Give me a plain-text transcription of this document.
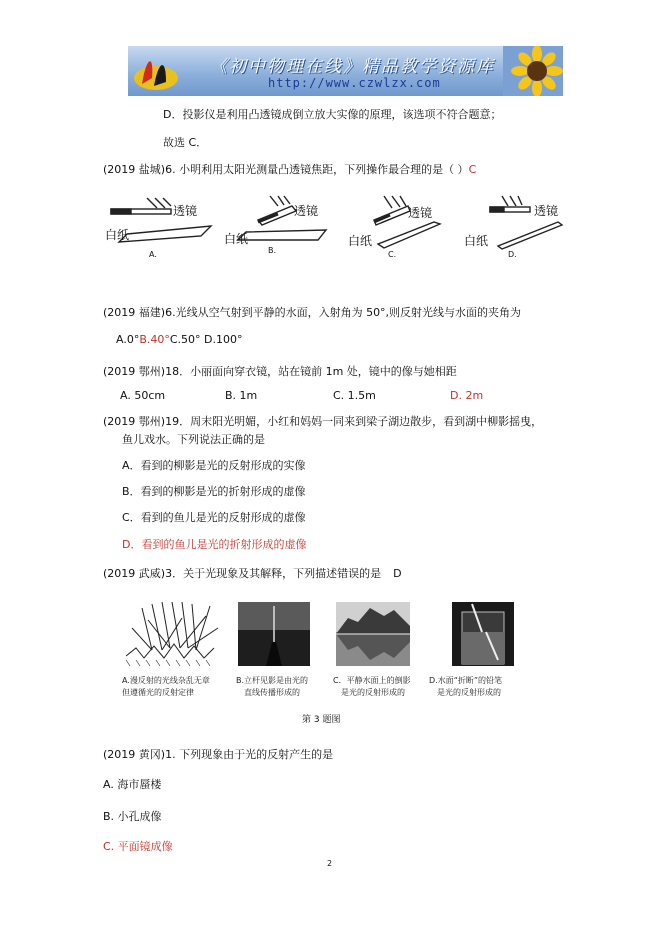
《初中物理在线》精品教学资源库
http://www.czwlzx.com
D．投影仪是利用凸透镜成倒立放大实像的原理，该选项不符合题意；
故选 C．
(2019 盐城)6. 小明利用太阳光测量凸透镜焦距，下列操作最合理的是（ ）C
透镜
白纸
A.
透镜
白纸
B.
透镜
白纸
C.
透镜
白纸
D.
(2019 福建)6.光线从空气射到平静的水面，入射角为 50°,则反射光线与水面的夹角为
A.0°B.40°C.50° D.100°
(2019 鄂州)18．小丽面向穿衣镜，站在镜前 1m 处，镜中的像与她相距
A. 50cm	B. 1m	C. 1.5m	D. 2m
(2019 鄂州)19．周末阳光明媚，小红和妈妈一同来到梁子湖边散步，看到湖中柳影摇曳，
鱼儿戏水。下列说法正确的是
A．看到的柳影是光的反射形成的实像
B．看到的柳影是光的折射形成的虚像
C．看到的鱼儿是光的反射形成的虚像
D．看到的鱼儿是光的折射形成的虚像
(2019 武威)3．关于光现象及其解释，下列描述错误的是 D
A.漫反射的光线杂乱无章
但遵循光的反射定律
B.立杆见影是由光的
直线传播形成的
C．平静水面上的倒影
是光的反射形成的
D.水面“折断”的铅笔
是光的反射形成的
第 3 题图
(2019 黄冈)1. 下列现象由于光的反射产生的是
A. 海市蜃楼
B. 小孔成像
C. 平面镜成像
2
